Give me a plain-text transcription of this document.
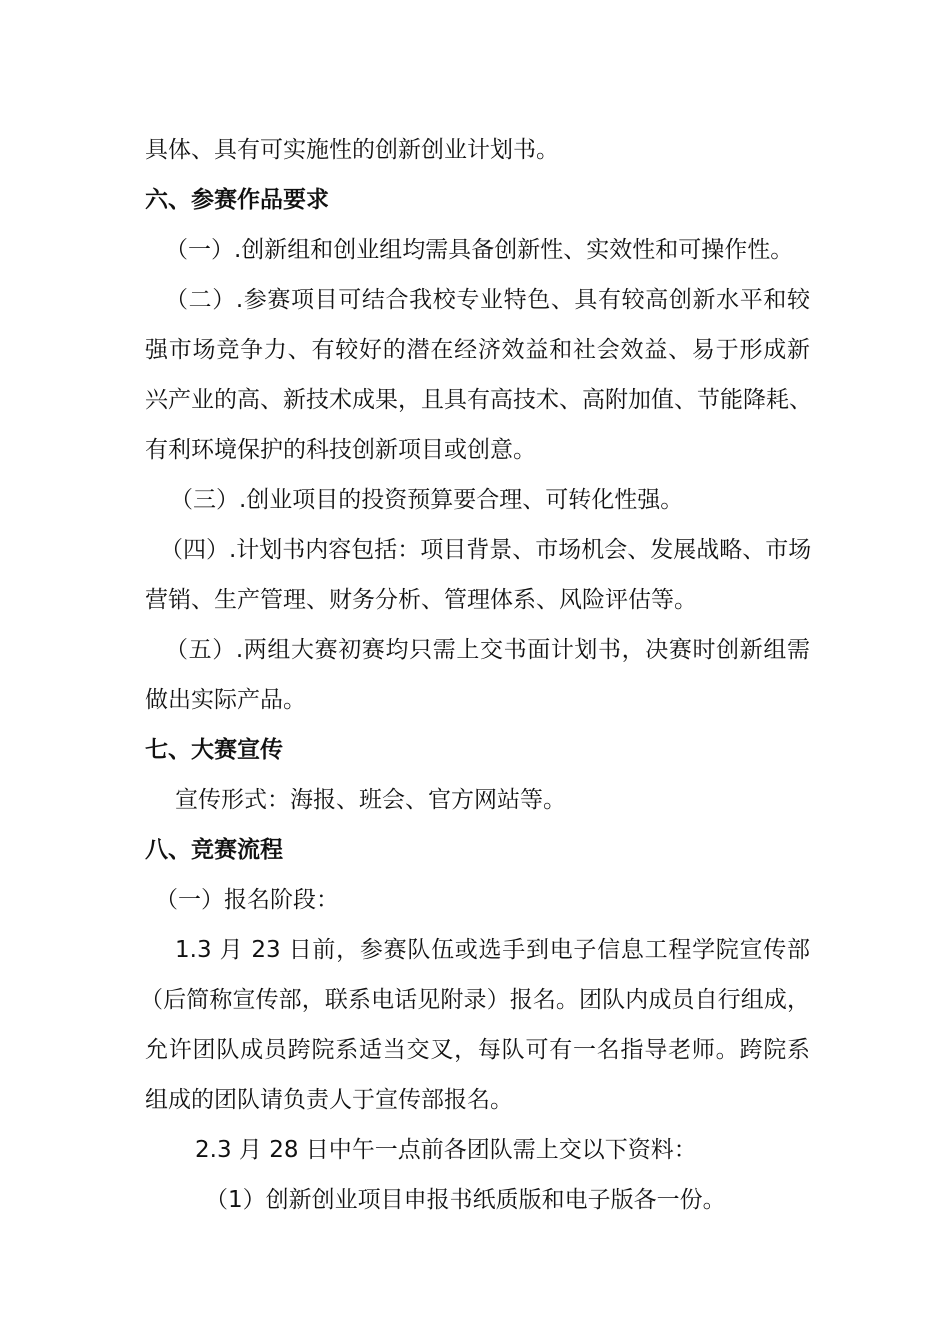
具体、具有可实施性的创新创业计划书。
六、参赛作品要求
（一）.创新组和创业组均需具备创新性、实效性和可操作性。
（二）.参赛项目可结合我校专业特色、具有较高创新水平和较
强市场竞争力、有较好的潜在经济效益和社会效益、易于形成新
兴产业的高、新技术成果，且具有高技术、高附加值、节能降耗、
有利环境保护的科技创新项目或创意。
（三）.创业项目的投资预算要合理、可转化性强。
（四）.计划书内容包括：项目背景、市场机会、发展战略、市场
营销、生产管理、财务分析、管理体系、风险评估等。
（五）.两组大赛初赛均只需上交书面计划书，决赛时创新组需
做出实际产品。
七、大赛宣传
宣传形式：海报、班会、官方网站等。
八、竞赛流程
（一）报名阶段：
1.3 月 23 日前，参赛队伍或选手到电子信息工程学院宣传部
（后简称宣传部，联系电话见附录）报名。团队内成员自行组成，
允许团队成员跨院系适当交叉，每队可有一名指导老师。跨院系
组成的团队请负责人于宣传部报名。
2.3 月 28 日中午一点前各团队需上交以下资料：
（1）创新创业项目申报书纸质版和电子版各一份。
